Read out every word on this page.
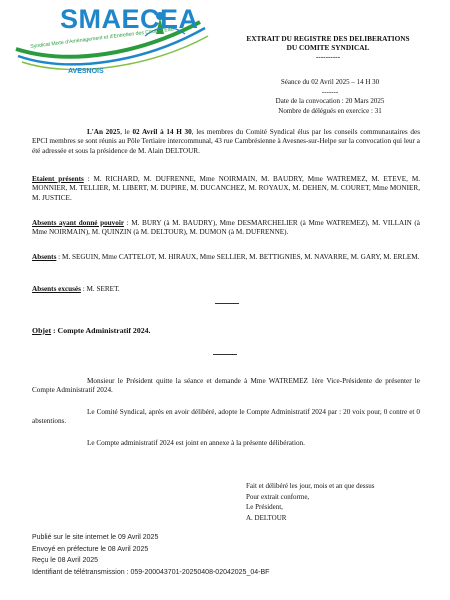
SMAECEA
Syndicat Mixte d'Aménagement et d'Entretien des Cours d'Eau
AVESNOIS
EXTRAIT DU REGISTRE DES DELIBERATIONS
DU COMITE SYNDICAL
----------
Séance du 02 Avril 2025 – 14 H 30
-------
Date de la convocation : 20 Mars 2025
Nombre de délégués en exercice : 31

L'An 2025, le 02 Avril à 14 H 30, les membres du Comité Syndical élus par les conseils communautaires des EPCI membres se sont réunis au Pôle Tertiaire intercommunal, 43 rue Cambrésienne à Avesnes-sur-Helpe sur la convocation qui leur a été adressée et sous la présidence de M. Alain DELTOUR.

Etaient présents : M. RICHARD, M. DUFRENNE, Mme NOIRMAIN, M. BAUDRY, Mme WATREMEZ, M. ETEVE, M. MONNIER, M. TELLIER, M. LIBERT, M. DUPIRE, M. DUCANCHEZ, M. ROYAUX, M. DEHEN, M. COURET, Mme MONIER, M. JUSTICE.

Absents ayant donné pouvoir : M. BURY (à M. BAUDRY), Mme DESMARCHELIER (à Mme WATREMEZ), M. VILLAIN (à Mme NOIRMAIN), M. QUINZIN (à M. DELTOUR), M. DUMON (à M. DUFRENNE).

Absents : M. SEGUIN, Mme CATTELOT, M. HIRAUX, Mme SELLIER, M. BETTIGNIES, M. NAVARRE, M. GARY, M. ERLEM.

Absents excusés : M. SERET.

Objet : Compte Administratif 2024.

Monsieur le Président quitte la séance et demande à Mme WATREMEZ 1ère Vice-Présidente de présenter le Compte Administratif 2024.

Le Comité Syndical, après en avoir délibéré, adopte le Compte Administratif 2024 par : 20 voix pour, 0 contre et 0 abstentions.

Le Compte administratif 2024 est joint en annexe à la présente délibération.

Fait et délibéré les jour, mois et an que dessus
Pour extrait conforme,
Le Président,
A. DELTOUR
Publié sur le site internet le 09 Avril 2025
Envoyé en préfecture le 08 Avril 2025
Reçu le 08 Avril 2025
Identifiant de télétransmission : 059-200043701-20250408-02042025_04-BF
